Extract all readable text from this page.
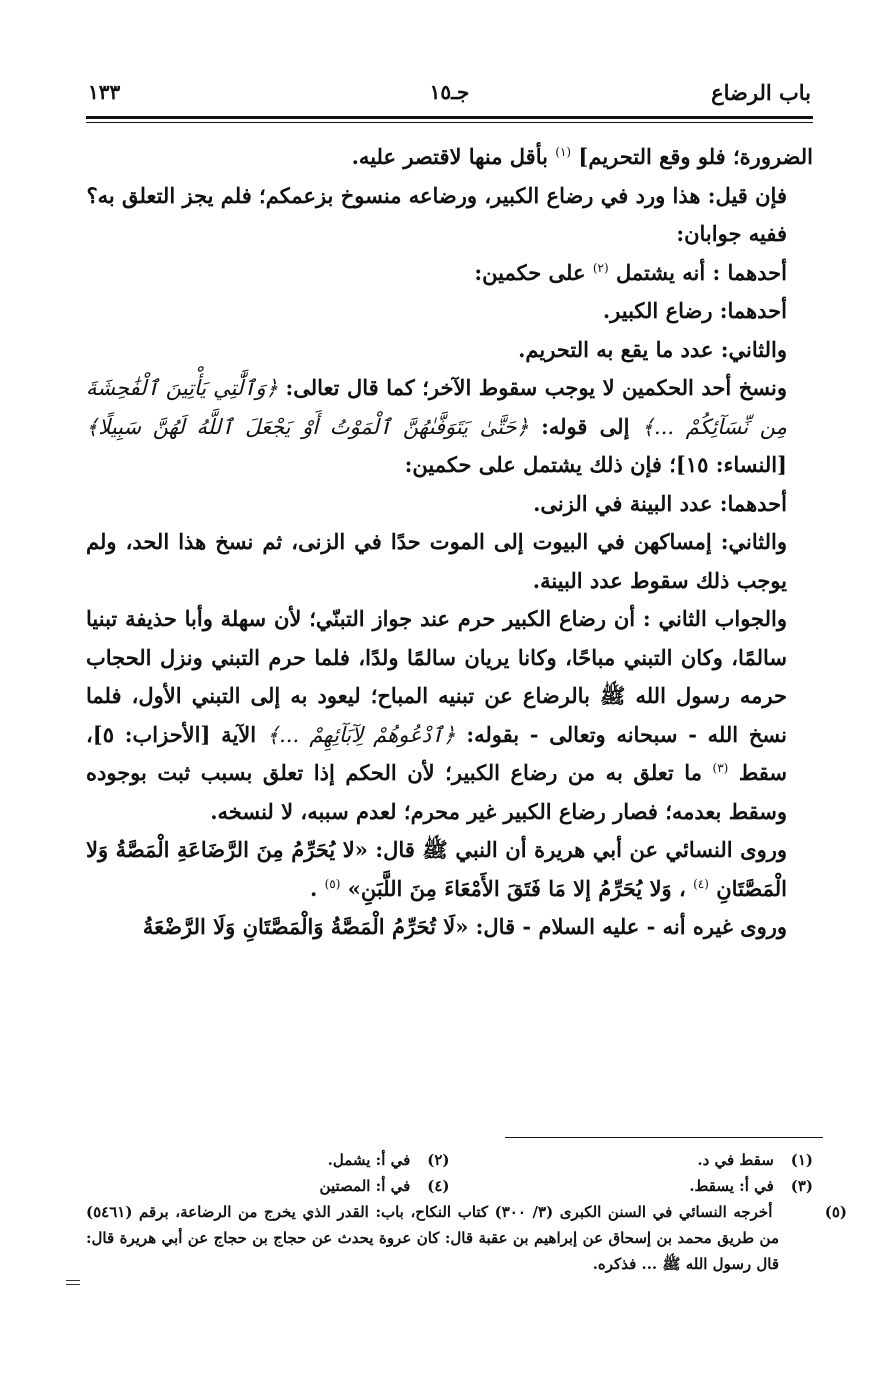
باب الرضاع
جـ١٥
١٣٣

الضرورة؛ فلو وقع التحريم] $^{(١)}$ بأقل منها لاقتصر عليه.

فإن قيل: هذا ورد في رضاع الكبير، ورضاعه منسوخ بزعمكم؛ فلم يجز التعلق به؟

ففيه جوابان:

أحدهما : أنه يشتمل $^{(٢)}$ على حكمين:

أحدهما: رضاع الكبير.

والثاني: عدد ما يقع به التحريم.

ونسخ أحد الحكمين لا يوجب سقوط الآخر؛ كما قال تعالى: ﴿وَٱلَّٰتِي يَأْتِينَ ٱلْفَٰحِشَةَ مِن نِّسَآئِكُمْ ...﴾ إلى قوله: ﴿حَتَّىٰ يَتَوَفَّىٰهُنَّ ٱلْمَوْتُ أَوْ يَجْعَلَ ٱللَّهُ لَهُنَّ سَبِيلًا﴾ [النساء: ١٥]؛ فإن ذلك يشتمل على حكمين:

أحدهما: عدد البينة في الزنى.

والثاني: إمساكهن في البيوت إلى الموت حدًا في الزنى، ثم نسخ هذا الحد، ولم يوجب ذلك سقوط عدد البينة.

والجواب الثاني : أن رضاع الكبير حرم عند جواز التبنّي؛ لأن سهلة وأبا حذيفة تبنيا سالمًا، وكان التبني مباحًا، وكانا يريان سالمًا ولدًا، فلما حرم التبني ونزل الحجاب حرمه رسول الله ﷺ بالرضاع عن تبنيه المباح؛ ليعود به إلى التبني الأول، فلما نسخ الله - سبحانه وتعالى - بقوله: ﴿ٱدْعُوهُمْ لِآبَآئِهِمْ ...﴾ الآية [الأحزاب: ٥]، سقط $^{(٣)}$ ما تعلق به من رضاع الكبير؛ لأن الحكم إذا تعلق بسبب ثبت بوجوده وسقط بعدمه؛ فصار رضاع الكبير غير محرم؛ لعدم سببه، لا لنسخه.

وروى النسائي عن أبي هريرة أن النبي ﷺ قال: «لا يُحَرِّمُ مِنَ الرَّضَاعَةِ الْمَصَّةُ وَلا الْمَصَّتَانِ $^{(٤)}$ ، وَلا يُحَرِّمُ إلا مَا فَتَقَ الأَمْعَاءَ مِنَ اللَّبَنِ» $^{(٥)}$ .

وروى غيره أنه - عليه السلام - قال: «لَا تُحَرِّمُ الْمَصَّةُ وَالْمَصَّتَانِ وَلَا الرَّضْعَةُ

(١) سقط في د.
(٢) في أ: يشمل.
(٣) في أ: يسقط.
(٤) في أ: المصتين
(٥) أخرجه النسائي في السنن الكبرى (٣/ ٣٠٠) كتاب النكاح، باب: القدر الذي يخرج من الرضاعة، برقم (٥٤٦١) من طريق محمد بن إسحاق عن إبراهيم بن عقبة قال: كان عروة يحدث عن حجاج بن حجاج عن أبي هريرة قال: قال رسول الله ﷺ ... فذكره.
